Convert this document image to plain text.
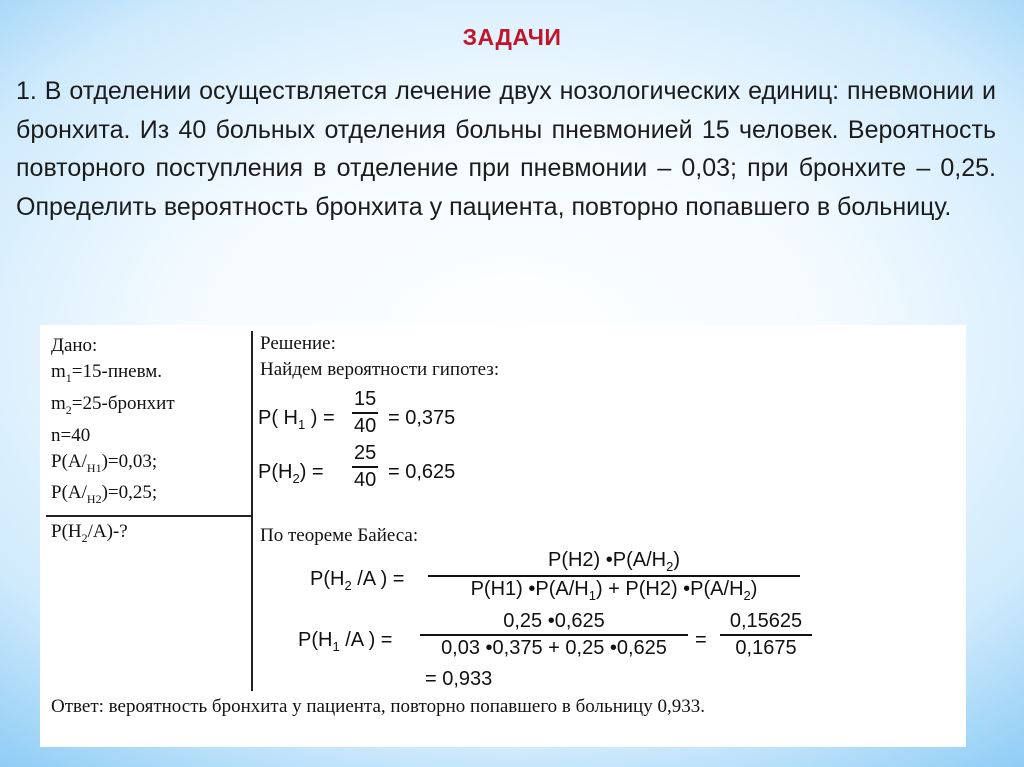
ЗАДАЧИ
1. В отделении осуществляется лечение двух нозологических единиц: пневмонии и бронхита. Из 40 больных отделения больны пневмонией 15 человек. Вероятность повторного поступления в отделение при пневмонии – 0,03; при бронхите – 0,25. Определить вероятность бронхита у пациента, повторно попавшего в больницу.
Дано:
$m_1=15$-пневм.
$m_2=25$-бронхит
n=40
$P(A/_{H1})=0,03$;
$P(A/_{H2})=0,25$;
$P(H_2/A)-$?
Решение:
Найдем вероятности гипотез:
P( $H_1$ ) =
15
40 = 0,375
$P(H_2)$ =
25
40 = 0,625
По теореме Байеса:
$P(H_2$ /A ) =
P(H2) $•P(A/H_2)$
P(H1) $•P(A/H_1) + P(H2)$ $•P(A/H_2)$
$P(H_1$ /A ) =
0,25 •0,625
0,03 •0,375 + 0,25 •0,625	=
0,15625
0,1675
= 0,933
Ответ: вероятность бронхита у пациента, повторно попавшего в больницу 0,933.
